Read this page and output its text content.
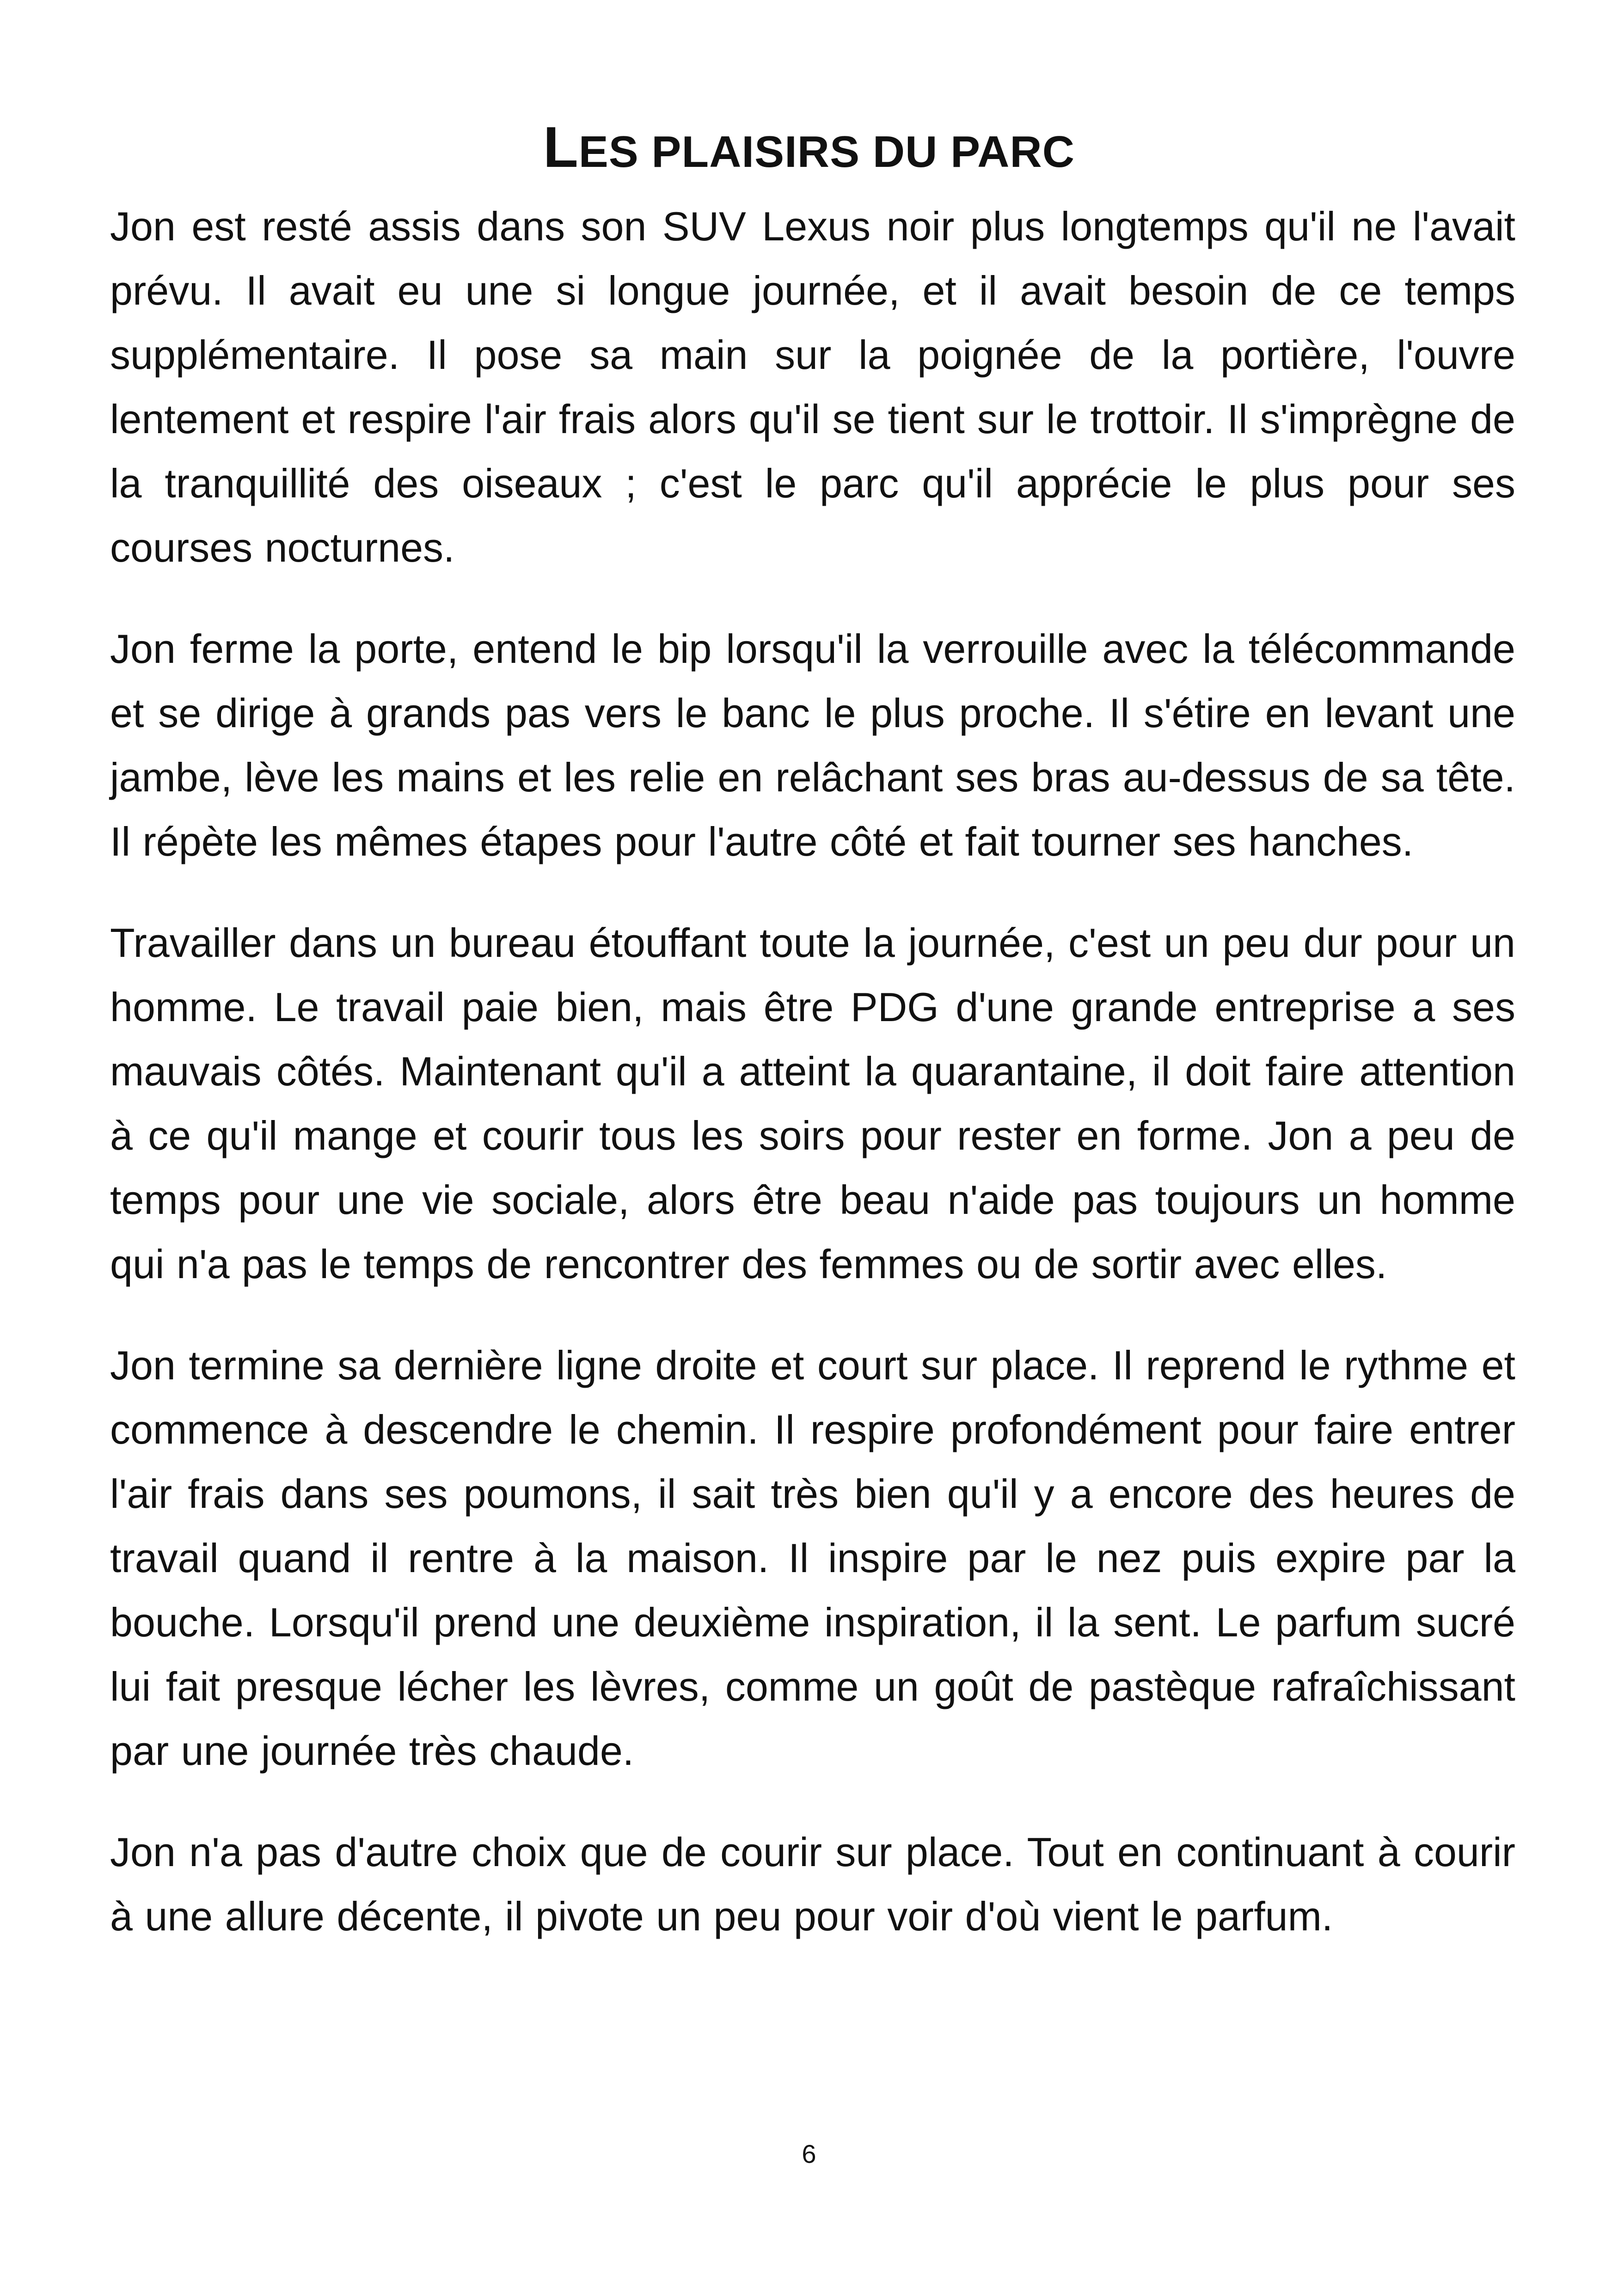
LES PLAISIRS DU PARC

Jon est resté assis dans son SUV Lexus noir plus longtemps qu'il ne l'avait prévu. Il avait eu une si longue journée, et il avait besoin de ce temps supplémentaire. Il pose sa main sur la poignée de la portière, l'ouvre lentement et respire l'air frais alors qu'il se tient sur le trottoir. Il s'imprègne de la tranquillité des oiseaux ; c'est le parc qu'il apprécie le plus pour ses courses nocturnes.

Jon ferme la porte, entend le bip lorsqu'il la verrouille avec la télécommande et se dirige à grands pas vers le banc le plus proche. Il s'étire en levant une jambe, lève les mains et les relie en relâchant ses bras au-dessus de sa tête. Il répète les mêmes étapes pour l'autre côté et fait tourner ses hanches.

Travailler dans un bureau étouffant toute la journée, c'est un peu dur pour un homme. Le travail paie bien, mais être PDG d'une grande entreprise a ses mauvais côtés. Maintenant qu'il a atteint la quarantaine, il doit faire attention à ce qu'il mange et courir tous les soirs pour rester en forme. Jon a peu de temps pour une vie sociale, alors être beau n'aide pas toujours un homme qui n'a pas le temps de rencontrer des femmes ou de sortir avec elles.

Jon termine sa dernière ligne droite et court sur place. Il reprend le rythme et commence à descendre le chemin. Il respire profondément pour faire entrer l'air frais dans ses poumons, il sait très bien qu'il y a encore des heures de travail quand il rentre à la maison. Il inspire par le nez puis expire par la bouche. Lorsqu'il prend une deuxième inspiration, il la sent. Le parfum sucré lui fait presque lécher les lèvres, comme un goût de pastèque rafraîchissant par une journée très chaude.

Jon n'a pas d'autre choix que de courir sur place. Tout en continuant à courir à une allure décente, il pivote un peu pour voir d'où vient le parfum.

6
